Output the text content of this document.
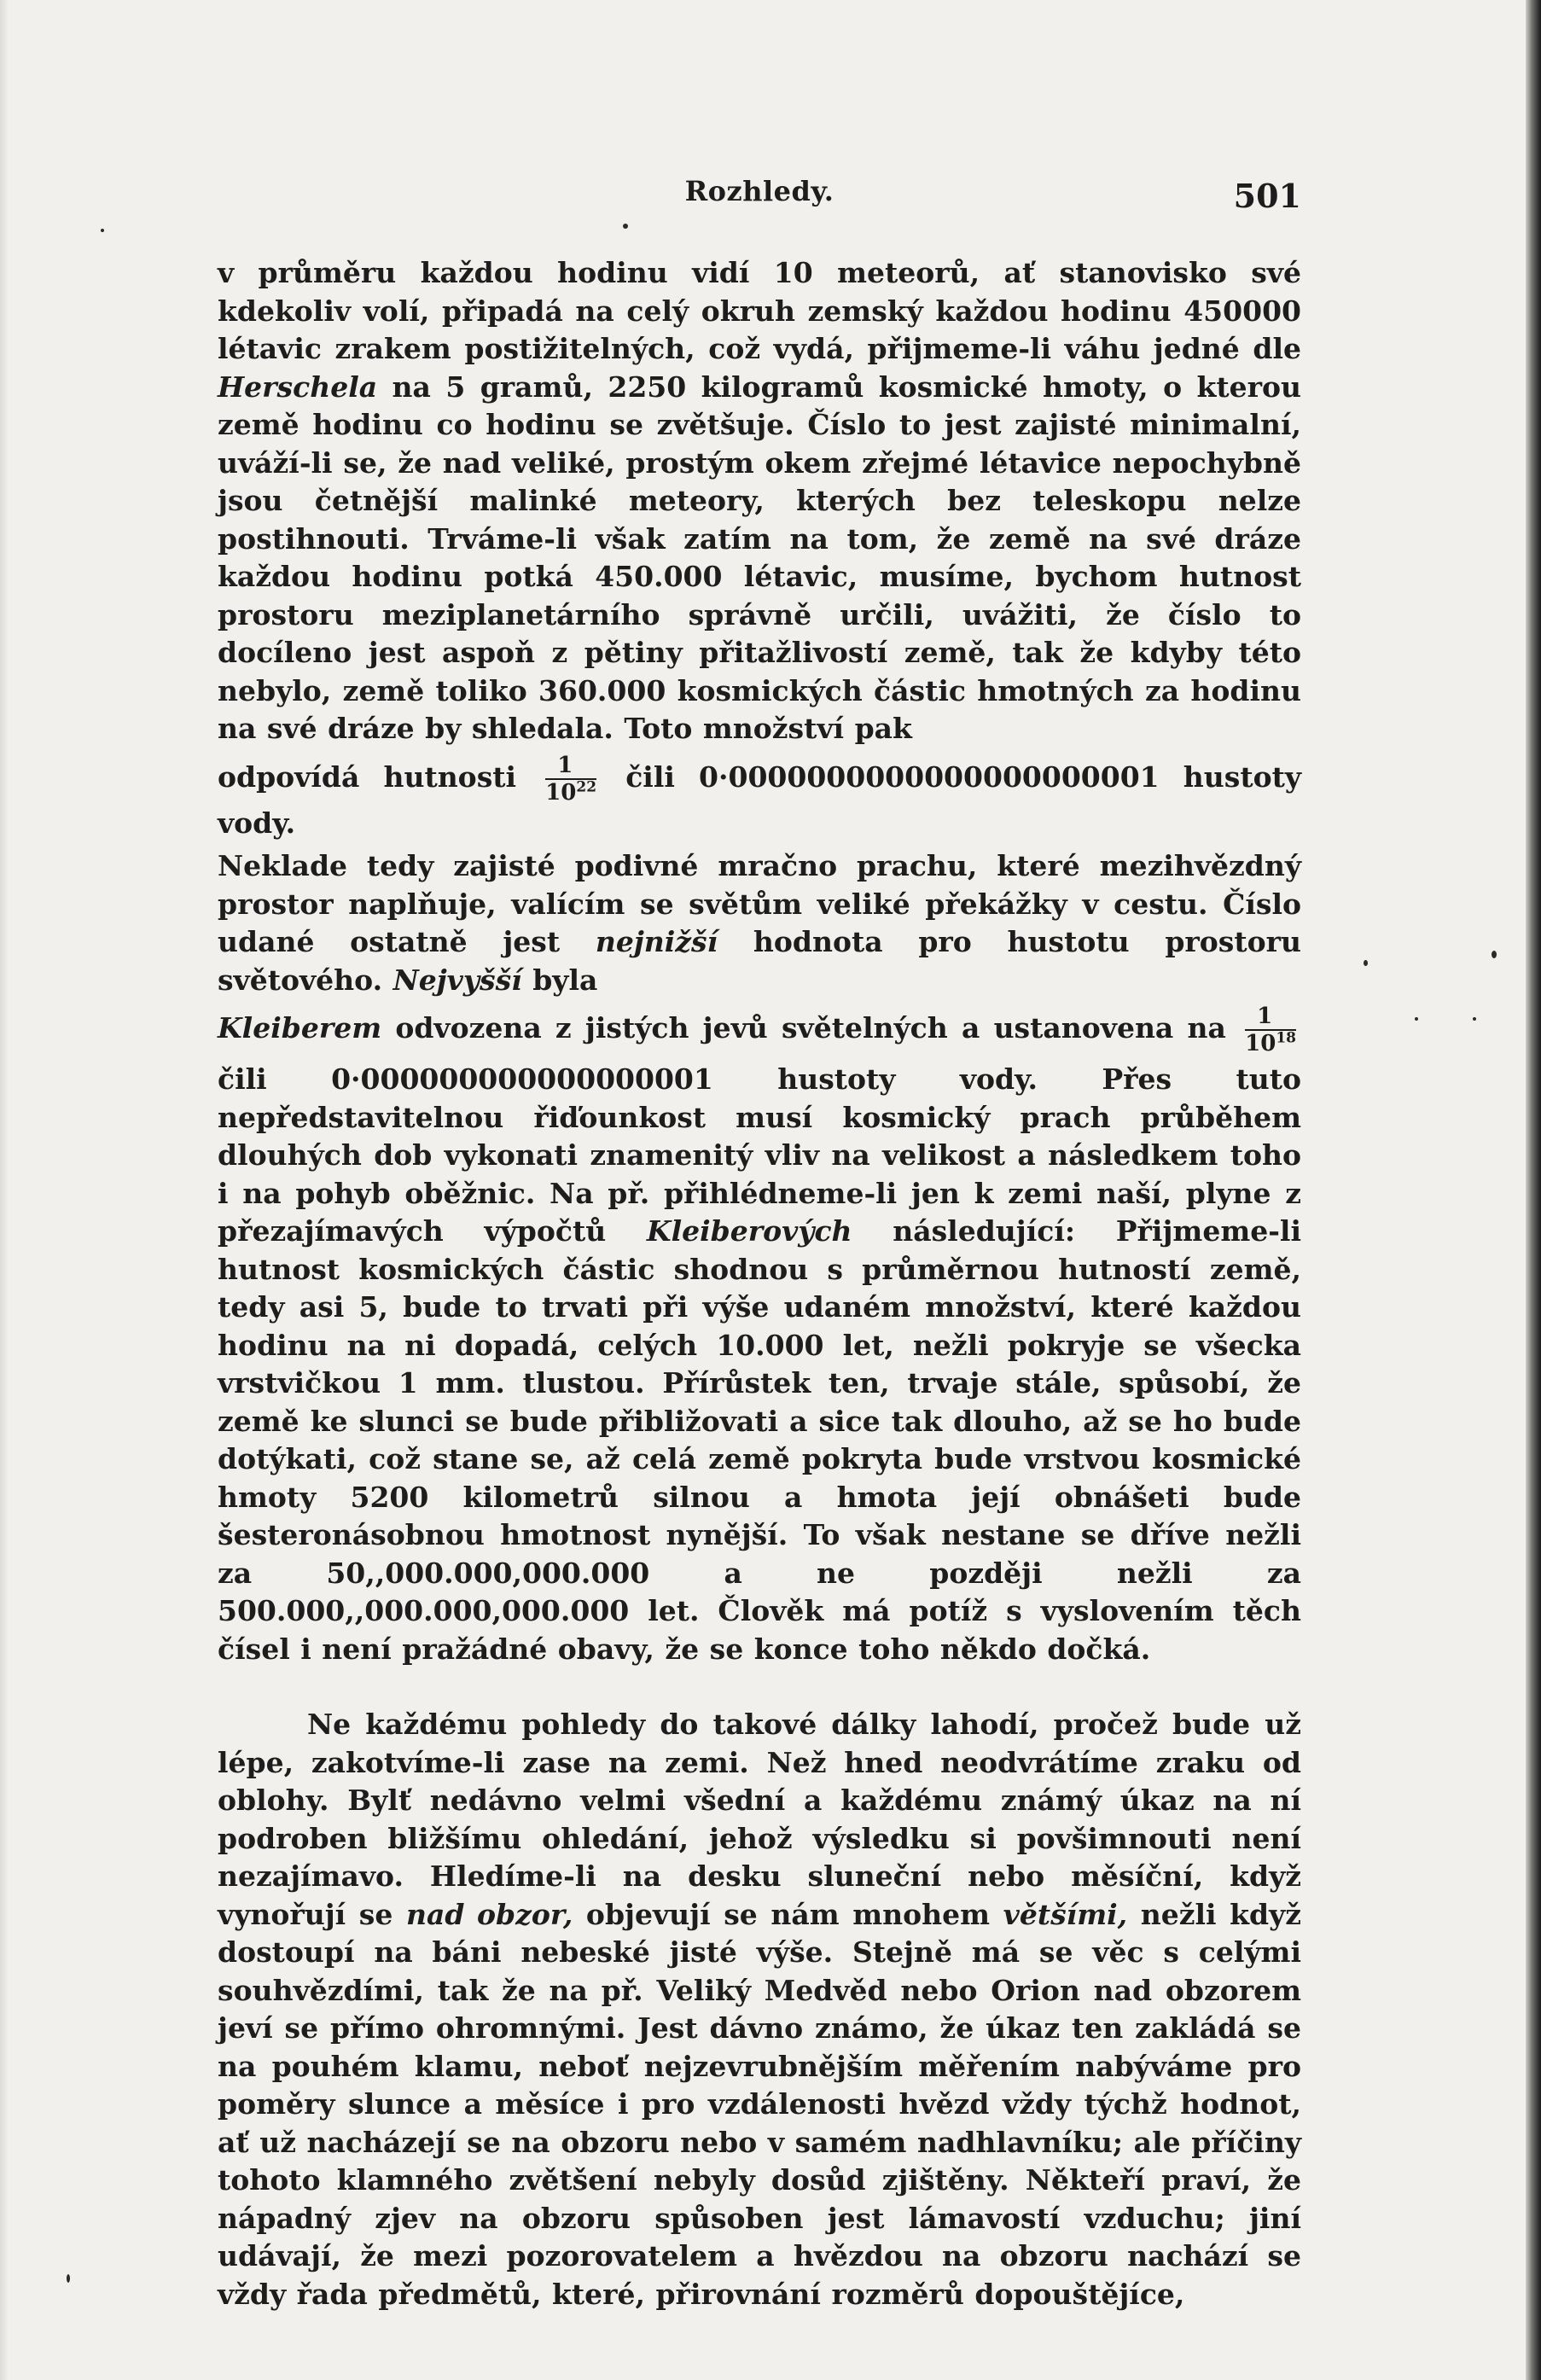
Rozhledy.	501

v průměru každou hodinu vidí 10 meteorů, ať stanovisko své kdekoliv volí, připadá na celý okruh zemský každou hodinu 450000 létavic zrakem postižitelných, což vydá, přijmeme-li váhu jedné dle Herschela na 5 gramů, 2250 kilogramů kosmické hmoty, o kterou země hodinu co hodinu se zvětšuje. Číslo to jest zajisté minimalní, uváží-li se, že nad veliké, prostým okem zřejmé létavice nepochybně jsou četnější malinké meteory, kterých bez teleskopu nelze postihnouti. Trváme-li však zatím na tom, že země na své dráze každou hodinu potká 450.000 létavic, musíme, bychom hutnost prostoru meziplanetárního správně určili, uvážiti, že číslo to docíleno jest aspoň z pětiny přitažlivostí země, tak že kdyby této nebylo, země toliko 360.000 kosmických částic hmotných za hodinu na své dráze by shledala. Toto množství pak
odpovídá hutnosti $\frac{1}{10^{22}}$ čili 0·0000000000000000000001 hustoty vody.
Neklade tedy zajisté podivné mračno prachu, které mezihvězdný prostor naplňuje, valícím se světům veliké překážky v cestu. Číslo udané ostatně jest nejnižší hodnota pro hustotu prostoru světového. Nejvyšší byla
Kleiberem odvozena z jistých jevů světelných a ustanovena na $\frac{1}{10^{18}}$
čili 0·000000000000000001 hustoty vody. Přes tuto nepředstavitelnou řiďounkost musí kosmický prach průběhem dlouhých dob vykonati znamenitý vliv na velikost a následkem toho i na pohyb oběžnic. Na př. přihlédneme-li jen k zemi naší, plyne z přezajímavých výpočtů Kleiberových následující: Přijmeme-li hutnost kosmických částic shodnou s průměrnou hutností země, tedy asi 5, bude to trvati při výše udaném množství, které každou hodinu na ni dopadá, celých 10.000 let, nežli pokryje se všecka vrstvičkou 1 mm. tlustou. Přírůstek ten, trvaje stále, spůsobí, že země ke slunci se bude přibližovati a sice tak dlouho, až se ho bude dotýkati, což stane se, až celá země pokryta bude vrstvou kosmické hmoty 5200 kilometrů silnou a hmota její obnášeti bude šesteronásobnou hmotnost nynější. To však nestane se dříve nežli za 50,,000.000,000.000 a ne později nežli za 500.000,,000.000,000.000 let. Člověk má potíž s vyslovením těch čísel i není pražádné obavy, že se konce toho někdo dočká.

Ne každému pohledy do takové dálky lahodí, pročež bude už lépe, zakotvíme-li zase na zemi. Než hned neodvrátíme zraku od oblohy. Bylť nedávno velmi všední a každému známý úkaz na ní podroben bližšímu ohledání, jehož výsledku si povšimnouti není nezajímavo. Hledíme-li na desku sluneční nebo měsíční, když vynořují se nad obzor, objevují se nám mnohem většími, nežli když dostoupí na báni nebeské jisté výše. Stejně má se věc s celými souhvězdími, tak že na př. Veliký Medvěd nebo Orion nad obzorem jeví se přímo ohromnými. Jest dávno známo, že úkaz ten zakládá se na pouhém klamu, neboť nejzevrubnějším měřením nabýváme pro poměry slunce a měsíce i pro vzdálenosti hvězd vždy týchž hodnot, ať už nacházejí se na obzoru nebo v samém nadhlavníku; ale příčiny tohoto klamného zvětšení nebyly dosůd zjištěny. Někteří praví, že nápadný zjev na obzoru spůsoben jest lámavostí vzduchu; jiní udávají, že mezi pozorovatelem a hvězdou na obzoru nachází se vždy řada předmětů, které, přirovnání rozměrů dopouštějíce,
